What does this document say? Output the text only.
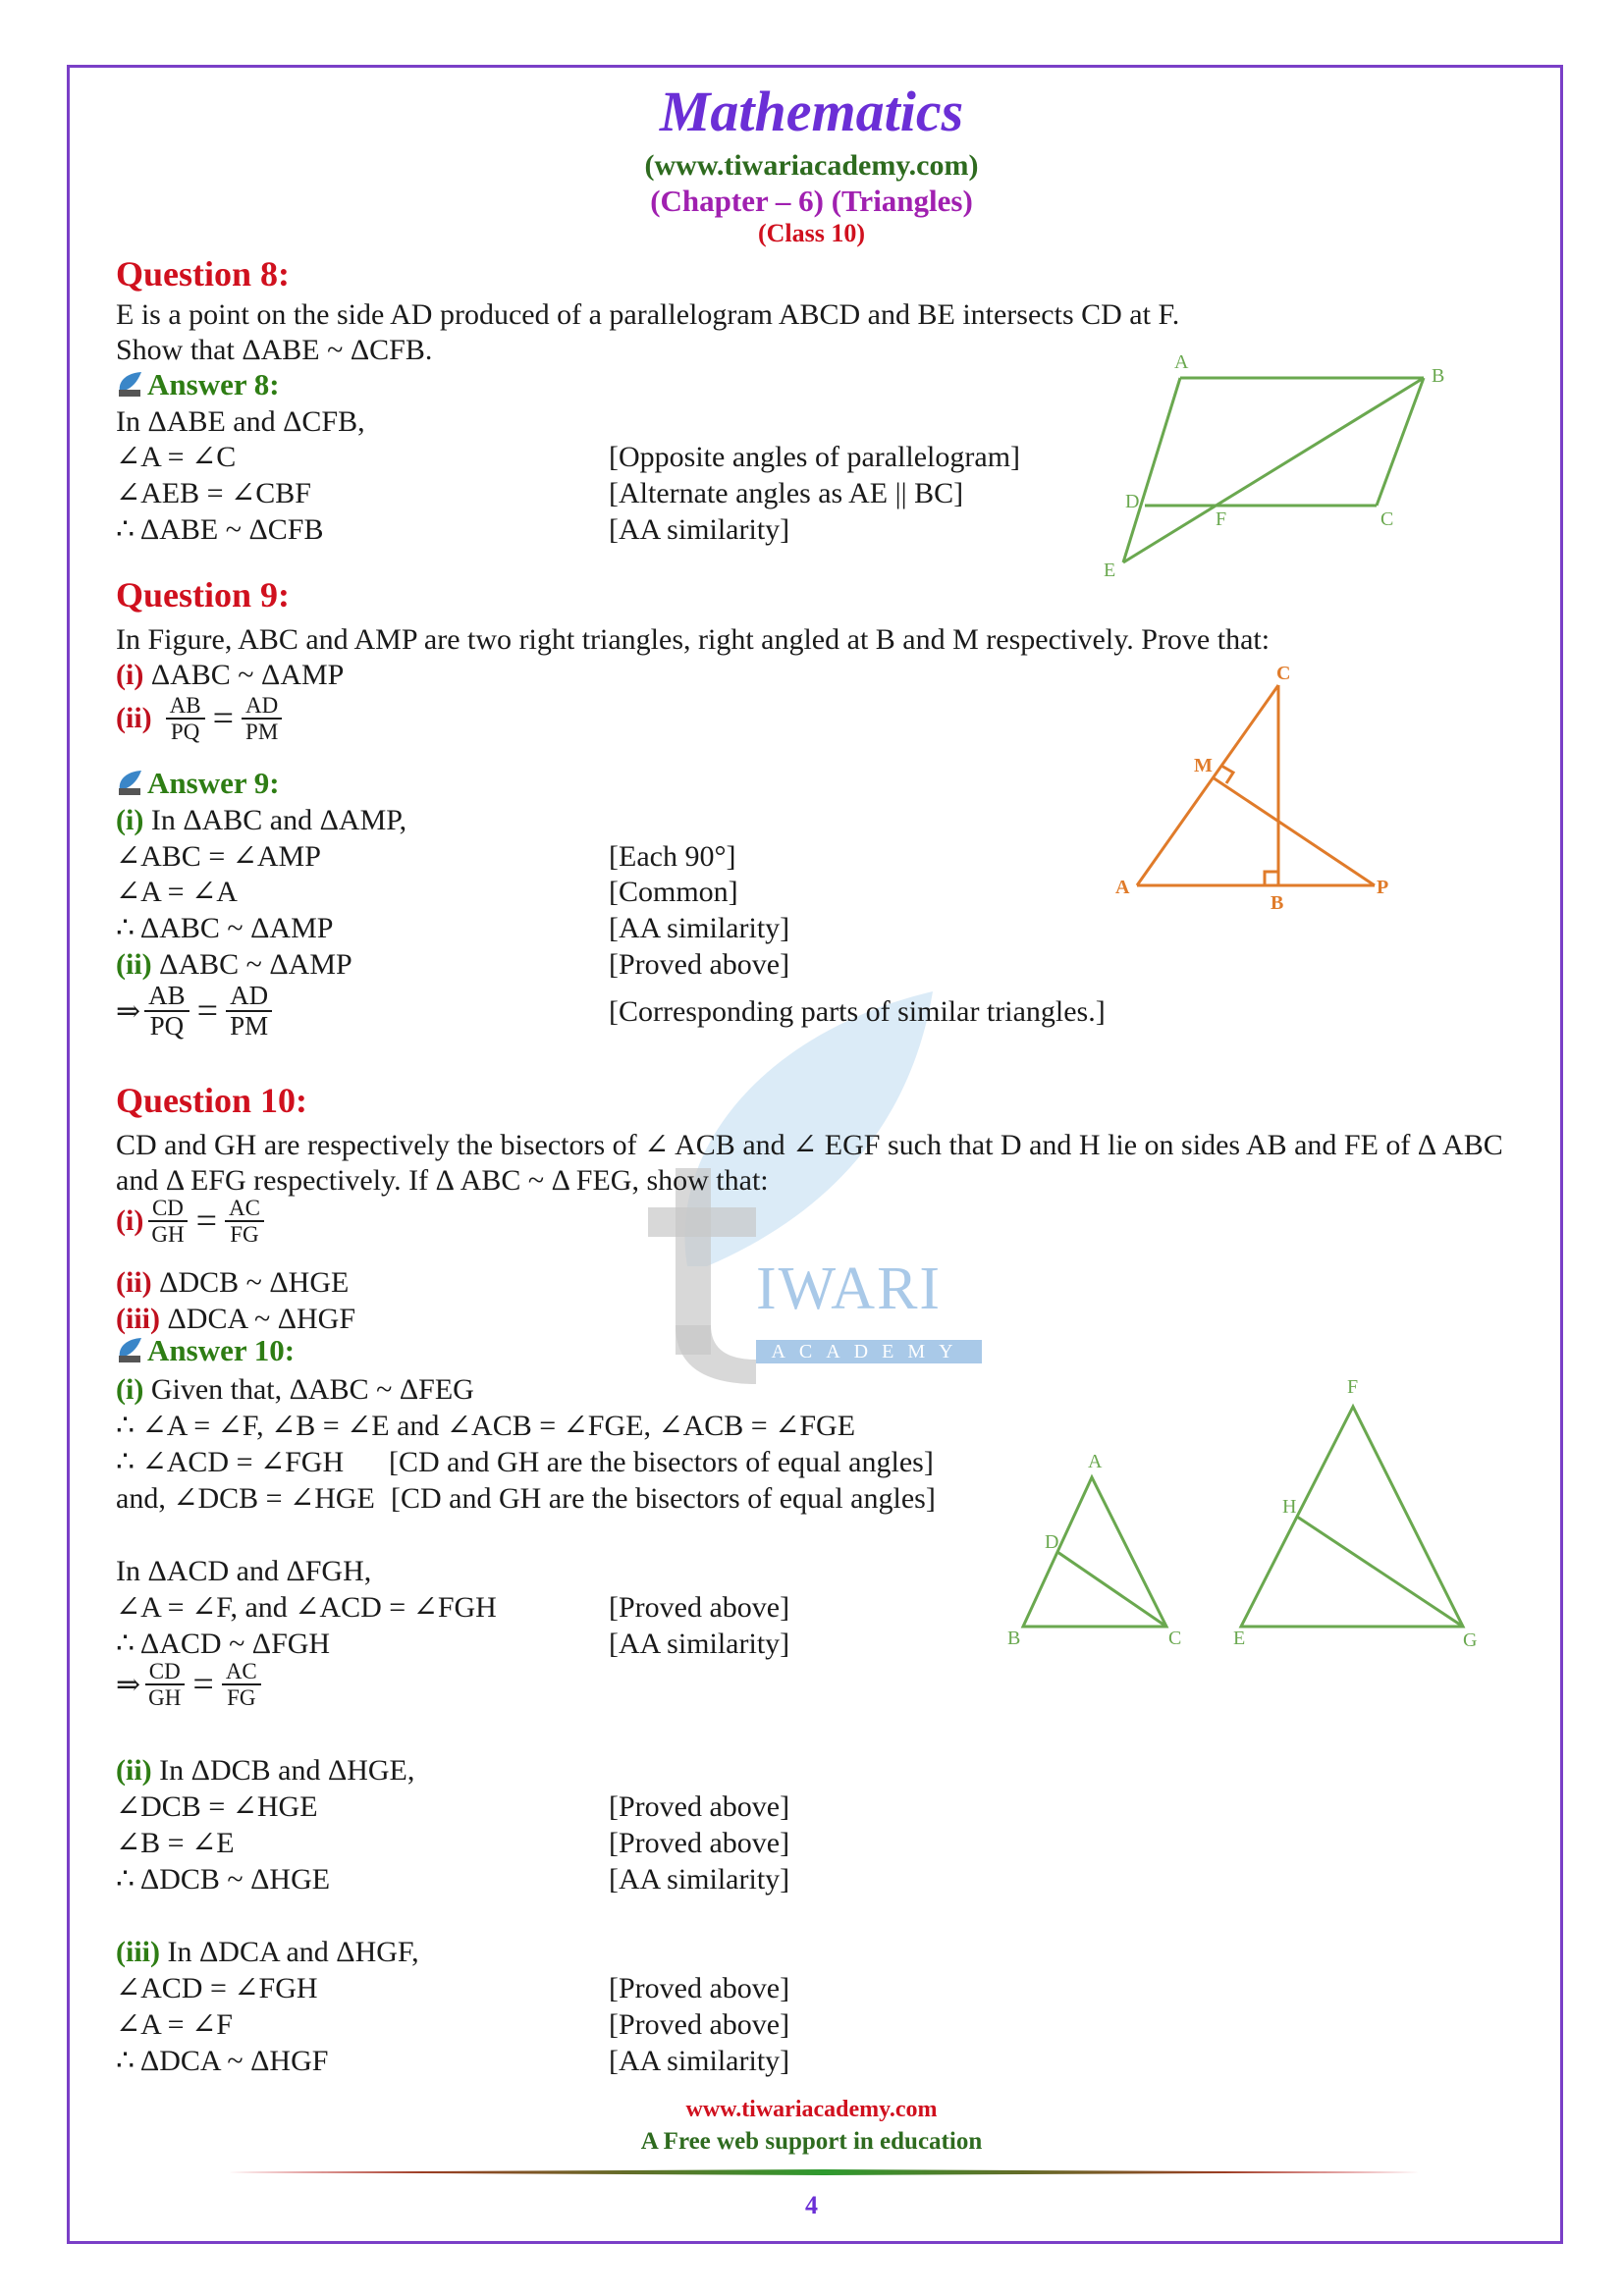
IWARI
ACADEMY
Mathematics
(www.tiwariacademy.com)
(Chapter – 6) (Triangles)
(Class 10)
Question 8:
E is a point on the side AD produced of a parallelogram ABCD and BE intersects CD at F.
Show that ΔABE ~ ΔCFB.
Answer 8:
In ΔABE and ΔCFB,
∠A = ∠C	[Opposite angles of parallelogram]
∠AEB = ∠CBF	[Alternate angles as AE || BC]
∴ ΔABE ~ ΔCFB	[AA similarity]
A
B
C
D
E
F
Question 9:
In Figure, ABC and AMP are two right triangles, right angled at B and M respectively. Prove that:
(i) ΔABC ~ ΔAMP
$(ii) \frac{AB}{PQ} = \frac{AD}{PM}$
Answer 9:
(i) In ΔABC and ΔAMP,
∠ABC = ∠AMP	[Each 90°]
∠A = ∠A	[Common]
∴ ΔABC ~ ΔAMP	[AA similarity]
(ii) ΔABC ~ ΔAMP	[Proved above]
⇒ $\frac{AB}{PQ} = \frac{AD}{PM}$	[Corresponding parts of similar triangles.]
A
B
C
M
P
Question 10:
CD and GH are respectively the bisectors of ∠ ACB and ∠ EGF such that D and H lie on sides AB and FE of Δ ABC
and Δ EFG respectively. If Δ ABC ~ Δ FEG, show that:
$(i) \frac{CD}{GH} = \frac{AC}{FG}$
(ii) ΔDCB ~ ΔHGE
(iii) ΔDCA ~ ΔHGF
Answer 10:
(i) Given that, ΔABC ~ ΔFEG
∴ ∠A = ∠F, ∠B = ∠E and ∠ACB = ∠FGE, ∠ACB = ∠FGE
∴ ∠ACD = ∠FGH [CD and GH are the bisectors of equal angles]
and, ∠DCB = ∠HGE [CD and GH are the bisectors of equal angles]
In ΔACD and ΔFGH,
∠A = ∠F, and ∠ACD = ∠FGH	[Proved above]
∴ ΔACD ~ ΔFGH	[AA similarity]
⇒ $\frac{CD}{GH} = \frac{AC}{FG}$
(ii) In ΔDCB and ΔHGE,
∠DCB = ∠HGE	[Proved above]
∠B = ∠E	[Proved above]
∴ ΔDCB ~ ΔHGE	[AA similarity]
(iii) In ΔDCA and ΔHGF,
∠ACD = ∠FGH	[Proved above]
∠A = ∠F	[Proved above]
∴ ΔDCA ~ ΔHGF	[AA similarity]
A
B	C
D
E
F
G
H
www.tiwariacademy.com
A Free web support in education
4
